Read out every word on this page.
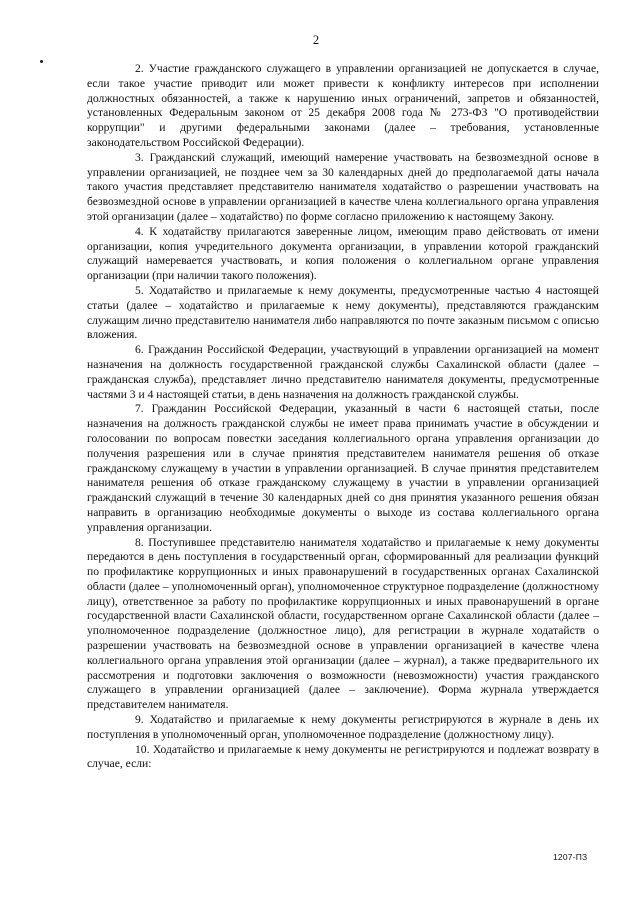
2

2. Участие гражданского служащего в управлении организацией не допускается в случае, если такое участие приводит или может привести к конфликту интересов при исполнении должностных обязанностей, а также к нарушению иных ограничений, запретов и обязанностей, установленных Федеральным законом от 25 декабря 2008 года № 273-ФЗ "О противодействии коррупции" и другими федеральными законами (далее – требования, установленные законодательством Российской Федерации).

3. Гражданский служащий, имеющий намерение участвовать на безвозмездной основе в управлении организацией, не позднее чем за 30 календарных дней до предполагаемой даты начала такого участия представляет представителю нанимателя ходатайство о разрешении участвовать на безвозмездной основе в управлении организацией в качестве члена коллегиального органа управления этой организации (далее – ходатайство) по форме согласно приложению к настоящему Закону.

4. К ходатайству прилагаются заверенные лицом, имеющим право действовать от имени организации, копия учредительного документа организации, в управлении которой гражданский служащий намеревается участвовать, и копия положения о коллегиальном органе управления организации (при наличии такого положения).

5. Ходатайство и прилагаемые к нему документы, предусмотренные частью 4 настоящей статьи (далее – ходатайство и прилагаемые к нему документы), представляются гражданским служащим лично представителю нанимателя либо направляются по почте заказным письмом с описью вложения.

6. Гражданин Российской Федерации, участвующий в управлении организацией на момент назначения на должность государственной гражданской службы Сахалинской области (далее – гражданская служба), представляет лично представителю нанимателя документы, предусмотренные частями 3 и 4 настоящей статьи, в день назначения на должность гражданской службы.

7. Гражданин Российской Федерации, указанный в части 6 настоящей статьи, после назначения на должность гражданской службы не имеет права принимать участие в обсуждении и голосовании по вопросам повестки заседания коллегиального органа управления организации до получения разрешения или в случае принятия представителем нанимателя решения об отказе гражданскому служащему в участии в управлении организацией. В случае принятия представителем нанимателя решения об отказе гражданскому служащему в участии в управлении организацией гражданский служащий в течение 30 календарных дней со дня принятия указанного решения обязан направить в организацию необходимые документы о выходе из состава коллегиального органа управления организации.

8. Поступившее представителю нанимателя ходатайство и прилагаемые к нему документы передаются в день поступления в государственный орган, сформированный для реализации функций по профилактике коррупционных и иных правонарушений в государственных органах Сахалинской области (далее – уполномоченный орган), уполномоченное структурное подразделение (должностному лицу), ответственное за работу по профилактике коррупционных и иных правонарушений в органе государственной власти Сахалинской области, государственном органе Сахалинской области (далее – уполномоченное подразделение (должностное лицо), для регистрации в журнале ходатайств о разрешении участвовать на безвозмездной основе в управлении организацией в качестве члена коллегиального органа управления этой организации (далее – журнал), а также предварительного их рассмотрения и подготовки заключения о возможности (невозможности) участия гражданского служащего в управлении организацией (далее – заключение). Форма журнала утверждается представителем нанимателя.

9. Ходатайство и прилагаемые к нему документы регистрируются в журнале в день их поступления в уполномоченный орган, уполномоченное подразделение (должностному лицу).

10. Ходатайство и прилагаемые к нему документы не регистрируются и подлежат возврату в случае, если:

1207-ПЗ
